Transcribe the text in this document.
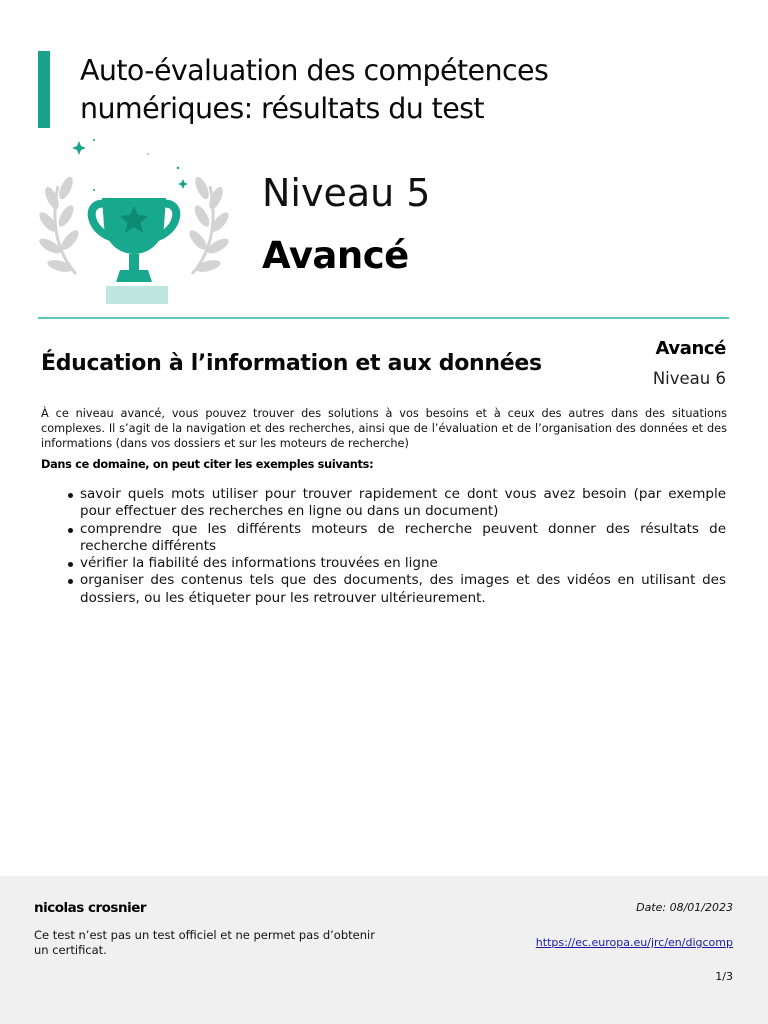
Auto-évaluation des compétences numériques: résultats du test
Niveau 5
Avancé
Éducation à l’information et aux données
Avancé
Niveau 6

À ce niveau avancé, vous pouvez trouver des solutions à vos besoins et à ceux des autres dans des situations complexes. Il s’agit de la navigation et des recherches, ainsi que de l’évaluation et de l’organisation des données et des informations (dans vos dossiers et sur les moteurs de recherche)

Dans ce domaine, on peut citer les exemples suivants:
savoir quels mots utiliser pour trouver rapidement ce dont vous avez besoin (par exemple pour effectuer des recherches en ligne ou dans un document)
comprendre que les différents moteurs de recherche peuvent donner des résultats de recherche différents
vérifier la fiabilité des informations trouvées en ligne
organiser des contenus tels que des documents, des images et des vidéos en utilisant des dossiers, ou les étiqueter pour les retrouver ultérieurement.
nicolas crosnier
Ce test n’est pas un test officiel et ne permet pas d’obtenir un certificat.
Date: 08/01/2023
https://ec.europa.eu/jrc/en/digcomp
1/3
